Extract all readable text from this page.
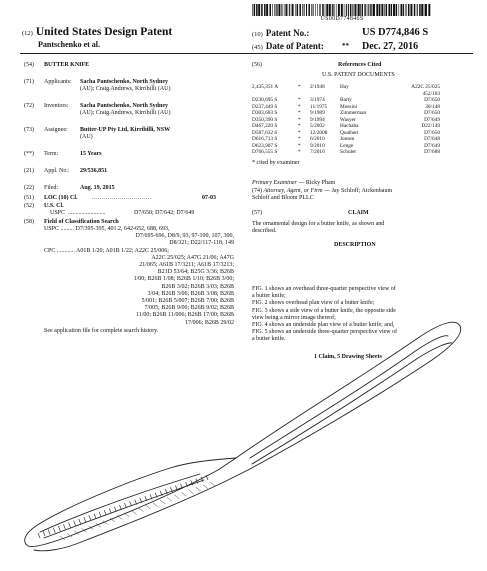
US00D774846S
(12) United States Design Patent
Pantschenko et al.
(10) Patent No.:	US D774,846 S
(45) Date of Patent:	** Dec. 27, 2016
(54)	BUTTER KNIFE
(71)	Applicants: Sacha Pantschenko, North Sydney
(AU); Craig Andrews, Kirribilli (AU)
(72)	Inventors: Sacha Pantschenko, North Sydney
(AU); Craig Andrews, Kirribilli (AU)
(73)	Assignee: Butter-UP Pty Ltd, Kirribilli, NSW
(AU)
(**)	Term:	15 Years
(21)	Appl. No.: 29/536,851
(22)	Filed:	Aug. 19, 2015
(51)	LOC (10) Cl. ..............................	07-03
(52)	U.S. Cl.
USPC .........................	D7/650; D7/642; D7/649
(58)	Field of Classification Search
USPC ......... D7/395-395, 401.2, 642-652, 688, 693,
D7/695-696, D8/9, 93, 97-100, 107, 300,
D8/321; D22/117-118, 149
CPC ............ A01B 1/20; A01B 1/22; A22C 25/006;
A22C 25/025; A47G 21/06; A47G
21/065; A61B 17/3211; A61B 17/3213;
B21D 53/64; B25G 3/36; B26B
1/00; B26B 1/08; B26B 1/10; B26B 3/00;
B26B 3/02; B26B 3/03; B26B
3/04; B26B 3/06; B26B 3/08; B26B
5/001; B26B 5/007; B26B 7/00; B26B
7/005; B26B 9/00; B26B 9/02; B26B
11/00; B26B 11/006; B26B 17/00; B26B
17/006; B26B 29/02
See application file for complete search history.
(56)	References Cited
U.S. PATENT DOCUMENTS
2,435,351 A	*	2/1948	Hay	A22C 25/025
452/103
D230,695 S	*	3/1974	Barty	D7/650
D237,449 S	*	11/1975	Mossini	30/148
D303,603 S	*	9/1989	Zimmerman	D7/650
D350,390 S	*	9/1994	Wasyer	D7/649
D467,220 S	*	5/2002	Hachaba	D22/149
D587,632 S	*	12/2008	Qualheri	D7/650
D616,713 S	*	6/2010	Jonsen	D7/648
D623,907 S	*	9/2010	Lenge	D7/649
D766,555 S	*	7/2016	Schuler	D7/688
* cited by examiner
Primary Examiner — Ricky Pham
(74) Attorney, Agent, or Firm — Jay Schloff; Aickenbaum
Schloff and Bloom PLLC
(57)	CLAIM
The ornamental design for a butter knife, as shown and
described.
DESCRIPTION
FIG. 1 shows an overhead three-quarter perspective view of
a butter knife;
FIG. 2 shows overhead plan view of a butter knife;
FIG. 3 shows a side view of a butter knife, the opposite side
view being a mirror image thereof;
FIG. 4 shows an underside plan view of a butter knife; and,
FIG. 5 shows an underside three-quarter perspective view of
a butter knife.
1 Claim, 5 Drawing Sheets
